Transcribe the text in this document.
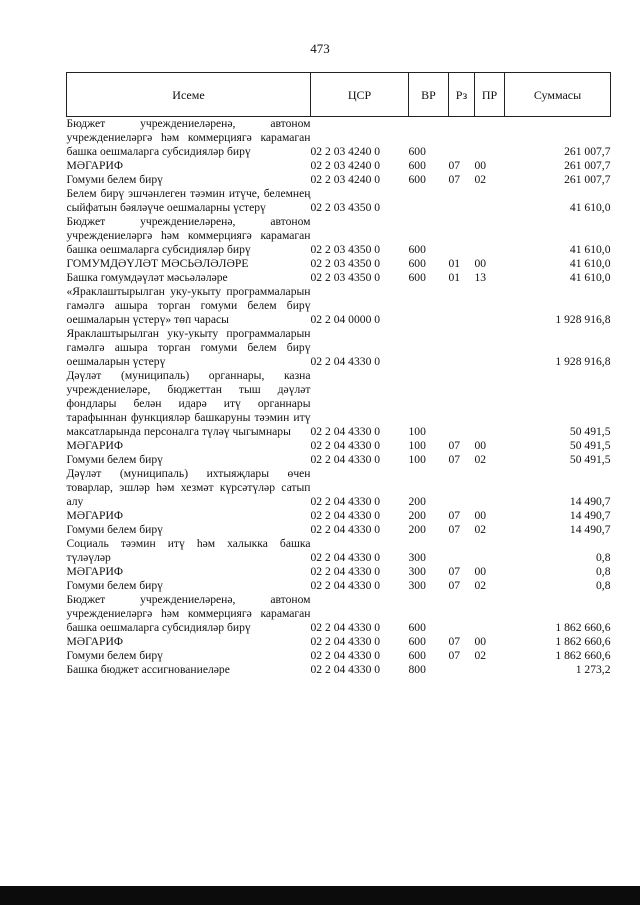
473
Исеме	ЦСР	ВР	Рз	ПР	Суммасы
Бюджет учреждениеләренә, автоном учреждениеләргә һәм коммерциягә карамаган башка оешмаларга субсидияләр бирү	02 2 03 4240 0	600			261 007,7
МӘГАРИФ	02 2 03 4240 0	600	07	00	261 007,7
Гомуми белем бирү	02 2 03 4240 0	600	07	02	261 007,7
Белем бирү эшчәнлеген тәэмин итүче, белемнең сыйфатын бәяләүче оешмаларны үстерү	02 2 03 4350 0				41 610,0
Бюджет учреждениеләренә, автоном учреждениеләргә һәм коммерциягә карамаган башка оешмаларга субсидияләр бирү	02 2 03 4350 0	600			41 610,0
ГОМУМДӘҮЛӘТ МӘСЬӘЛӘЛӘРЕ	02 2 03 4350 0	600	01	00	41 610,0
Башка гомумдәүләт мәсьәләләре	02 2 03 4350 0	600	01	13	41 610,0
«Яраклаштырылган уку-укыту программаларын гамәлгә ашыра торган гомуми белем бирү оешмаларын үстерү» төп чарасы	02 2 04 0000 0				1 928 916,8
Яраклаштырылган уку-укыту программаларын гамәлгә ашыра торган гомуми белем бирү оешмаларын үстерү	02 2 04 4330 0				1 928 916,8
Дәүләт (муниципаль) органнары, казна учреждениеләре, бюджеттан тыш дәүләт фондлары белән идарә итү органнары тарафыннан функцияләр башкаруны тәэмин итү максатларында персоналга түләү чыгымнары	02 2 04 4330 0	100			50 491,5
МӘГАРИФ	02 2 04 4330 0	100	07	00	50 491,5
Гомуми белем бирү	02 2 04 4330 0	100	07	02	50 491,5
Дәүләт (муниципаль) ихтыяҗлары өчен товарлар, эшләр һәм хезмәт күрсәтүләр сатып алу	02 2 04 4330 0	200			14 490,7
МӘГАРИФ	02 2 04 4330 0	200	07	00	14 490,7
Гомуми белем бирү	02 2 04 4330 0	200	07	02	14 490,7
Социаль тәэмин итү һәм халыкка башка түләүләр	02 2 04 4330 0	300			0,8
МӘГАРИФ	02 2 04 4330 0	300	07	00	0,8
Гомуми белем бирү	02 2 04 4330 0	300	07	02	0,8
Бюджет учреждениеләренә, автоном учреждениеләргә һәм коммерциягә карамаган башка оешмаларга субсидияләр бирү	02 2 04 4330 0	600			1 862 660,6
МӘГАРИФ	02 2 04 4330 0	600	07	00	1 862 660,6
Гомуми белем бирү	02 2 04 4330 0	600	07	02	1 862 660,6
Башка бюджет ассигнованиеләре	02 2 04 4330 0	800			1 273,2
